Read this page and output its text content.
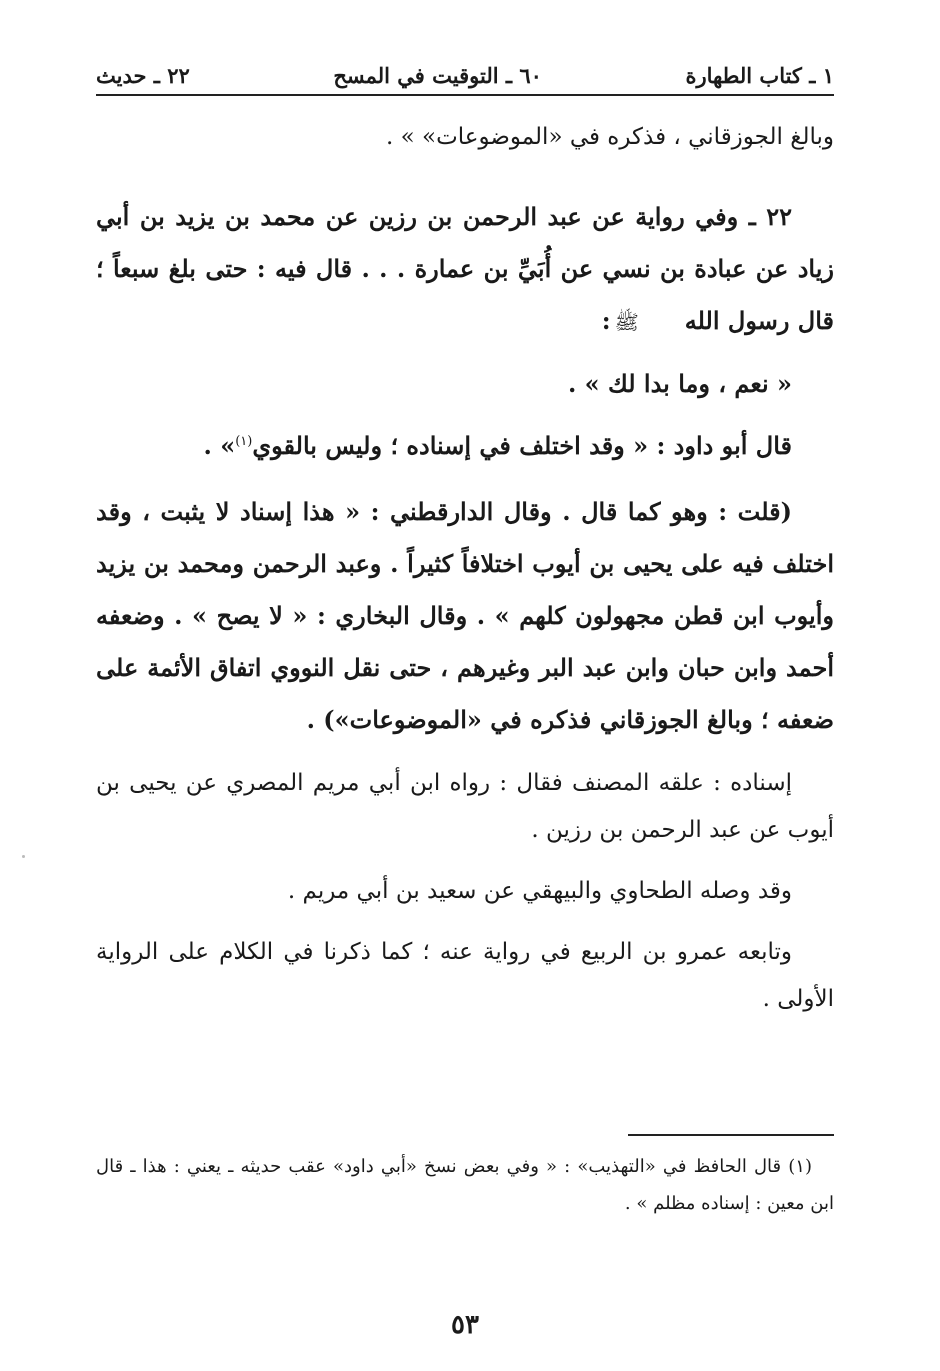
١ ـ كتاب الطهارة
٦٠ ـ التوقيت في المسح
٢٢ ـ حديث

وبالغ الجوزقاني ، فذكره في «الموضوعات» » .

٢٢ ـ وفي رواية عن عبد الرحمن بن رزين عن محمد بن يزيد بن أبي زياد عن عبادة بن نسي عن أُبَيِّ بن عمارة . . . قال فيه : حتى بلغ سبعاً ؛ قال رسول اللهﷺ:

« نعم ، وما بدا لك » .

قال أبو داود : « وقد اختلف في إسناده ؛ وليس بالقوي$^{(١)}$» .

(قلت : وهو كما قال . وقال الدارقطني : « هذا إسناد لا يثبت ، وقد اختلف فيه على يحيى بن أيوب اختلافاً كثيراً . وعبد الرحمن ومحمد بن يزيد وأيوب ابن قطن مجهولون كلهم » . وقال البخاري : « لا يصح » . وضعفه أحمد وابن حبان وابن عبد البر وغيرهم ، حتى نقل النووي اتفاق الأئمة على ضعفه ؛ وبالغ الجوزقاني فذكره في «الموضوعات») .

إسناده : علقه المصنف فقال : رواه ابن أبي مريم المصري عن يحيى بن أيوب عن عبد الرحمن بن رزين .

وقد وصله الطحاوي والبيهقي عن سعيد بن أبي مريم .

وتابعه عمرو بن الربيع في رواية عنه ؛ كما ذكرنا في الكلام على الرواية الأولى .

(١) قال الحافظ في «التهذيب» : « وفي بعض نسخ «أبي داود» عقب حديثه ـ يعني : هذا ـ قال ابن معين : إسناده مظلم » .

٥٣
